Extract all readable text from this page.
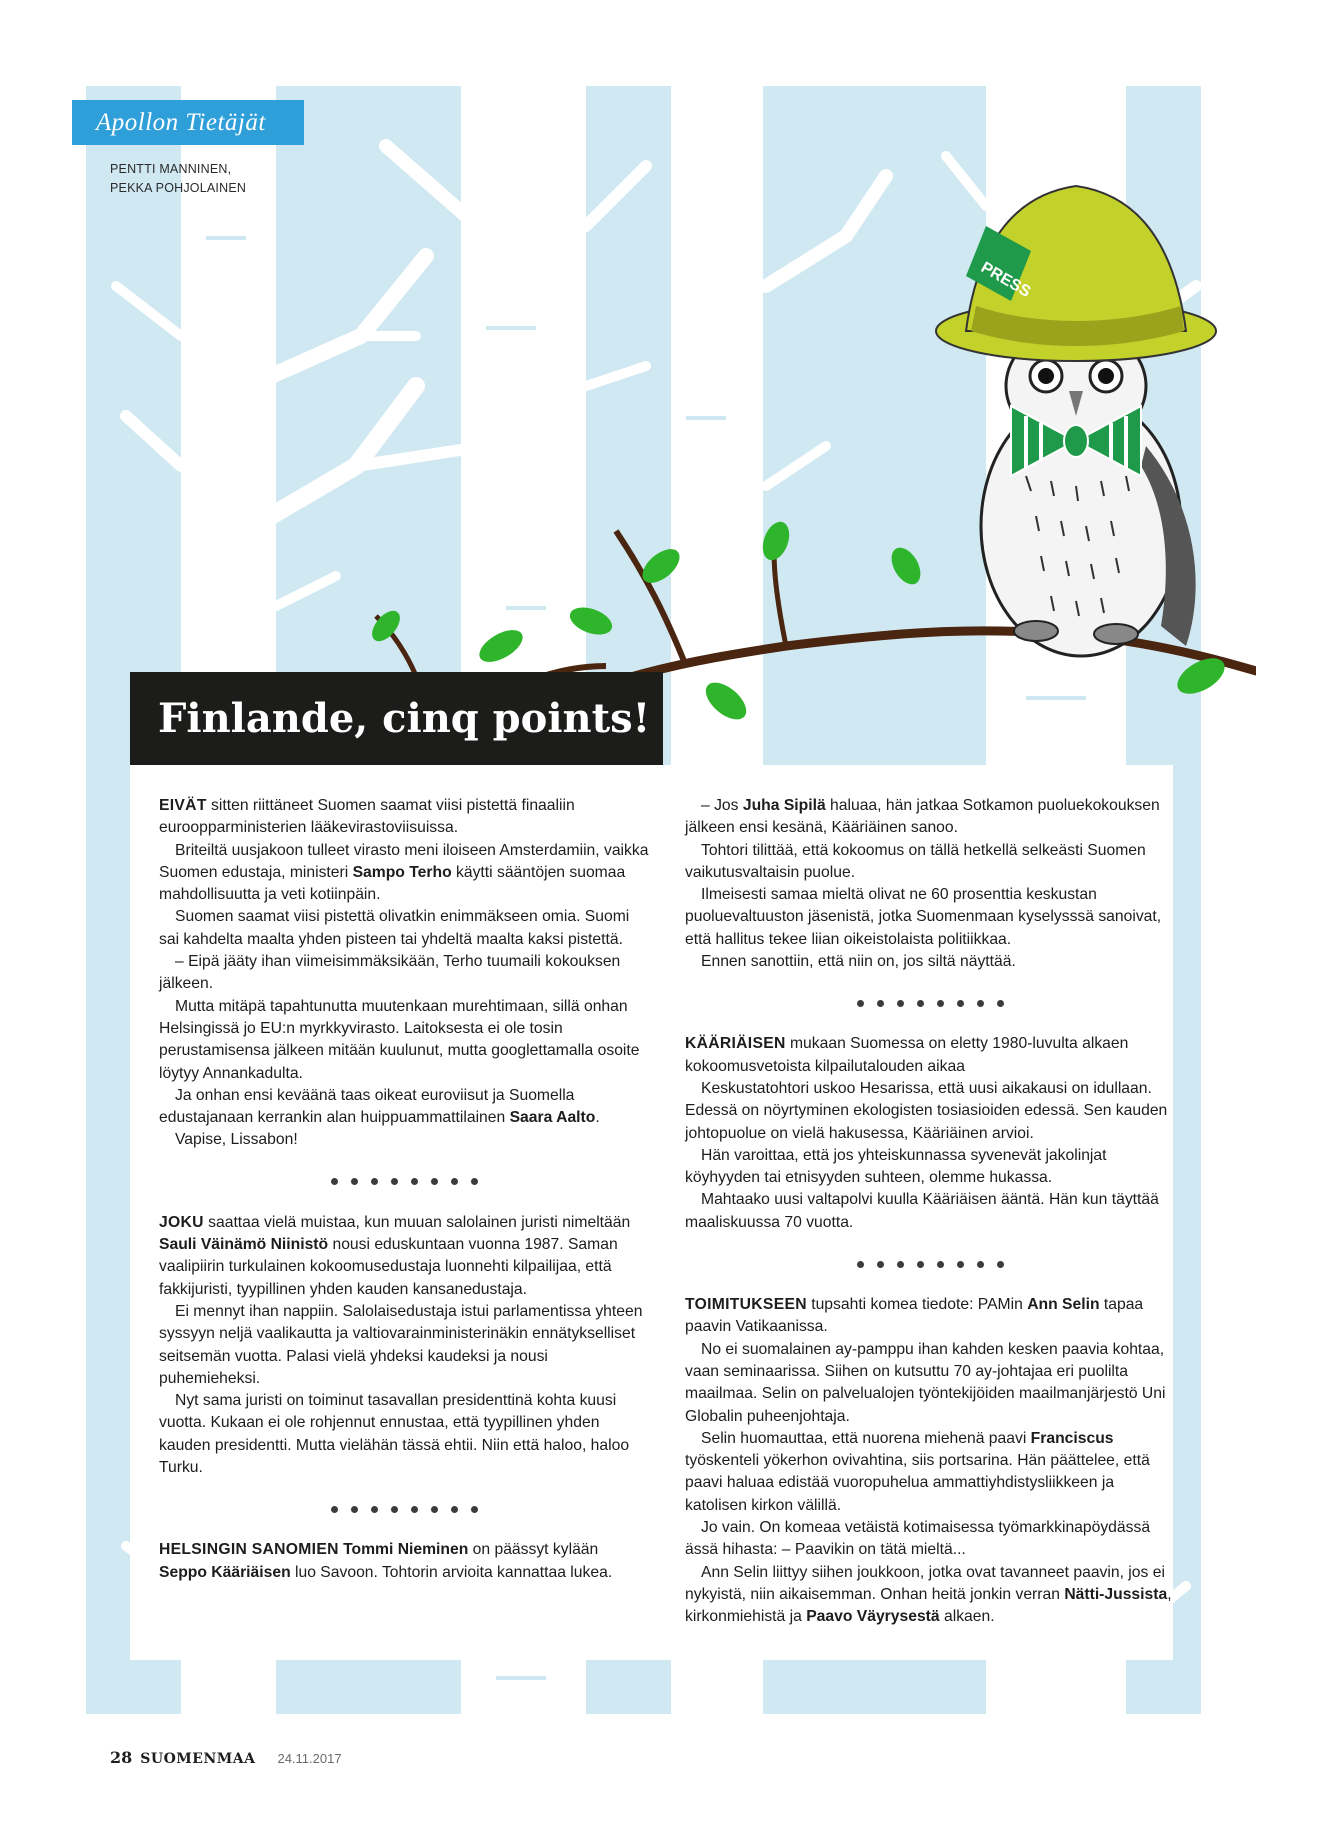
PRESS
Apollon Tietäjät
PENTTI MANNINEN,
PEKKA POHJOLAINEN
Finlande, cinq points!

EIVÄT sitten riittäneet Suomen saamat viisi pistettä finaaliin euroopparministerien lääkevirastoviisuissa.

Briteiltä uusjakoon tulleet virasto meni iloiseen Amsterdamiin, vaikka Suomen edustaja, ministeri Sampo Terho käytti sääntöjen suomaa mahdollisuutta ja veti kotiinpäin.

Suomen saamat viisi pistettä olivatkin enimmäkseen omia. Suomi sai kahdelta maalta yhden pisteen tai yhdeltä maalta kaksi pistettä.

– Eipä jääty ihan viimeisimmäksikään, Terho tuumaili kokouksen jälkeen.

Mutta mitäpä tapahtunutta muutenkaan murehtimaan, sillä onhan Helsingissä jo EU:n myrkkyvirasto. Laitoksesta ei ole tosin perustamisensa jälkeen mitään kuulunut, mutta googlettamalla osoite löytyy Annankadulta.

Ja onhan ensi keväänä taas oikeat euroviisut ja Suomella edustajanaan kerrankin alan huippuammattilainen Saara Aalto.

Vapise, Lissabon!

JOKU saattaa vielä muistaa, kun muuan salolainen juristi nimeltään Sauli Väinämö Niinistö nousi eduskuntaan vuonna 1987. Saman vaalipiirin turkulainen kokoomusedustaja luonnehti kilpailijaa, että fakkijuristi, tyypillinen yhden kauden kansanedustaja.

Ei mennyt ihan nappiin. Salolaisedustaja istui parlamentissa yhteen syssyyn neljä vaalikautta ja valtiovarainministerinäkin ennätykselliset seitsemän vuotta. Palasi vielä yhdeksi kaudeksi ja nousi puhemieheksi.

Nyt sama juristi on toiminut tasavallan presidenttinä kohta kuusi vuotta. Kukaan ei ole rohjennut ennustaa, että tyypillinen yhden kauden presidentti. Mutta vielähän tässä ehtii. Niin että haloo, haloo Turku.

HELSINGIN SANOMIEN Tommi Nieminen on päässyt kylään Seppo Kääriäisen luo Savoon. Tohtorin arvioita kannattaa lukea.

– Jos Juha Sipilä haluaa, hän jatkaa Sotkamon puoluekokouksen jälkeen ensi kesänä, Kääriäinen sanoo.

Tohtori tilittää, että kokoomus on tällä hetkellä selkeästi Suomen vaikutusvaltaisin puolue.

Ilmeisesti samaa mieltä olivat ne 60 prosenttia keskustan puoluevaltuuston jäsenistä, jotka Suomenmaan kyselysssä sanoivat, että hallitus tekee liian oikeistolaista politiikkaa.

Ennen sanottiin, että niin on, jos siltä näyttää.

KÄÄRIÄISEN mukaan Suomessa on eletty 1980-luvulta alkaen kokoomusvetoista kilpailutalouden aikaa

Keskustatohtori uskoo Hesarissa, että uusi aikakausi on idullaan. Edessä on nöyrtyminen ekologisten tosiasioiden edessä. Sen kauden johtopuolue on vielä hakusessa, Kääriäinen arvioi.

Hän varoittaa, että jos yhteiskunnassa syvenevät jakolinjat köyhyyden tai etnisyyden suhteen, olemme hukassa.

Mahtaako uusi valtapolvi kuulla Kääriäisen ääntä. Hän kun täyttää maaliskuussa 70 vuotta.

TOIMITUKSEEN tupsahti komea tiedote: PAMin Ann Selin tapaa paavin Vatikaanissa.

No ei suomalainen ay-pamppu ihan kahden kesken paavia kohtaa, vaan seminaarissa. Siihen on kutsuttu 70 ay-johtajaa eri puolilta maailmaa. Selin on palvelualojen työntekijöiden maailmanjärjestö Uni Globalin puheenjohtaja.

Selin huomauttaa, että nuorena miehenä paavi Franciscus työskenteli yökerhon ovivahtina, siis portsarina. Hän päättelee, että paavi haluaa edistää vuoropuhelua ammattiyhdistysliikkeen ja katolisen kirkon välillä.

Jo vain. On komeaa vetäistä kotimaisessa työmarkkinapöydässä ässä hihasta: – Paavikin on tätä mieltä...

Ann Selin liittyy siihen joukkoon, jotka ovat tavanneet paavin, jos ei nykyistä, niin aikaisemman. Onhan heitä jonkin verran Nätti-Jussista, kirkonmiehistä ja Paavo Väyrysestä alkaen.

28 SUOMENMAA 24.11.2017
